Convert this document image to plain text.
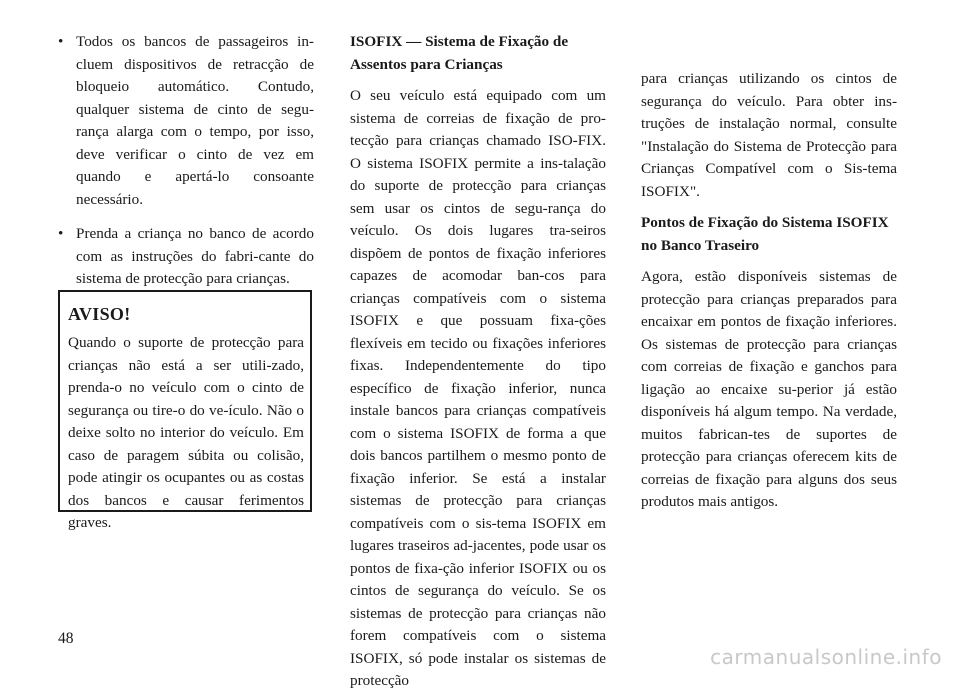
• Todos os bancos de passageiros in-cluem dispositivos de retracção de bloqueio automático. Contudo, qualquer sistema de cinto de segu-rança alarga com o tempo, por isso, deve verificar o cinto de vez em quando e apertá-lo consoante necessário.

• Prenda a criança no banco de acordo com as instruções do fabri-cante do sistema de protecção para crianças.

AVISO!

Quando o suporte de protecção para crianças não está a ser utili-zado, prenda-o no veículo com o cinto de segurança ou tire-o do ve-ículo. Não o deixe solto no interior do veículo. Em caso de paragem súbita ou colisão, pode atingir os ocupantes ou as costas dos bancos e causar ferimentos graves.

ISOFIX — Sistema de Fixação de Assentos para Crianças

O seu veículo está equipado com um sistema de correias de fixação de pro-tecção para crianças chamado ISO-FIX. O sistema ISOFIX permite a ins-talação do suporte de protecção para crianças sem usar os cintos de segu-rança do veículo. Os dois lugares tra-seiros dispõem de pontos de fixação inferiores capazes de acomodar ban-cos para crianças compatíveis com o sistema ISOFIX e que possuam fixa-ções flexíveis em tecido ou fixações inferiores fixas. Independentemente do tipo específico de fixação inferior, nunca instale bancos para crianças compatíveis com o sistema ISOFIX de forma a que dois bancos partilhem o mesmo ponto de fixação inferior. Se está a instalar sistemas de protecção para crianças compatíveis com o sis-tema ISOFIX em lugares traseiros ad-jacentes, pode usar os pontos de fixa-ção inferior ISOFIX ou os cintos de segurança do veículo. Se os sistemas de protecção para crianças não forem compatíveis com o sistema ISOFIX, só pode instalar os sistemas de protecção

para crianças utilizando os cintos de segurança do veículo. Para obter ins-truções de instalação normal, consulte "Instalação do Sistema de Protecção para Crianças Compatível com o Sis-tema ISOFIX".

Pontos de Fixação do Sistema ISOFIX no Banco Traseiro

Agora, estão disponíveis sistemas de protecção para crianças preparados para encaixar em pontos de fixação inferiores. Os sistemas de protecção para crianças com correias de fixação e ganchos para ligação ao encaixe su-perior já estão disponíveis há algum tempo. Na verdade, muitos fabrican-tes de suportes de protecção para crianças oferecem kits de correias de fixação para alguns dos seus produtos mais antigos.

48
carmanualsonline.info
